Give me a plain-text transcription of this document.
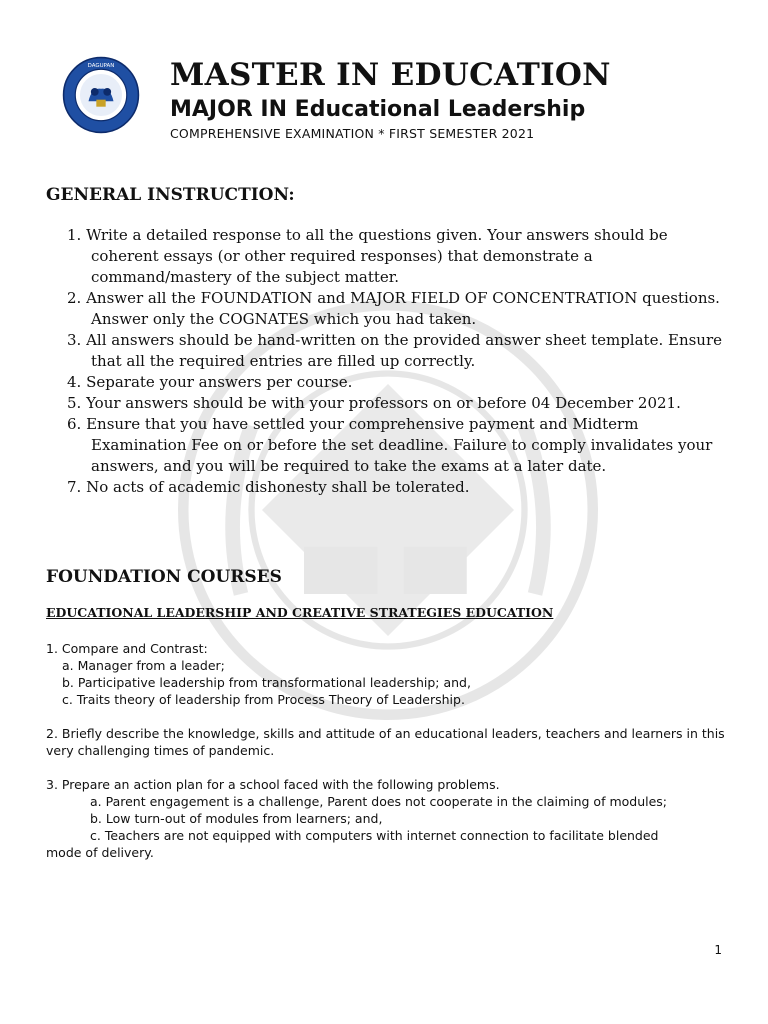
DAGUPAN MASTER IN EDUCATION
MAJOR IN Educational Leadership
COMPREHENSIVE EXAMINATION * FIRST SEMESTER 2021
GENERAL INSTRUCTION:
1. Write a detailed response to all the questions given. Your answers should be coherent essays (or other required responses) that demonstrate a command/mastery of the subject matter.
2. Answer all the FOUNDATION and MAJOR FIELD OF CONCENTRATION questions. Answer only the COGNATES which you had taken.
3. All answers should be hand-written on the provided answer sheet template. Ensure that all the required entries are filled up correctly.
4. Separate your answers per course.
5. Your answers should be with your professors on or before 04 December 2021.
6. Ensure that you have settled your comprehensive payment and Midterm Examination Fee on or before the set deadline. Failure to comply invalidates your answers, and you will be required to take the exams at a later date.
7. No acts of academic dishonesty shall be tolerated.
FOUNDATION COURSES
EDUCATIONAL LEADERSHIP AND CREATIVE STRATEGIES EDUCATION

1. Compare and Contrast:

a. Manager from a leader;

b. Participative leadership from transformational leadership; and,

c. Traits theory of leadership from Process Theory of Leadership.

2. Briefly describe the knowledge, skills and attitude of an educational leaders, teachers and learners in this very challenging times of pandemic.

3. Prepare an action plan for a school faced with the following problems.

a. Parent engagement is a challenge, Parent does not cooperate in the claiming of modules;

b. Low turn-out of modules from learners; and,

c. Teachers are not equipped with computers with internet connection to facilitate blended

mode of delivery.

1
